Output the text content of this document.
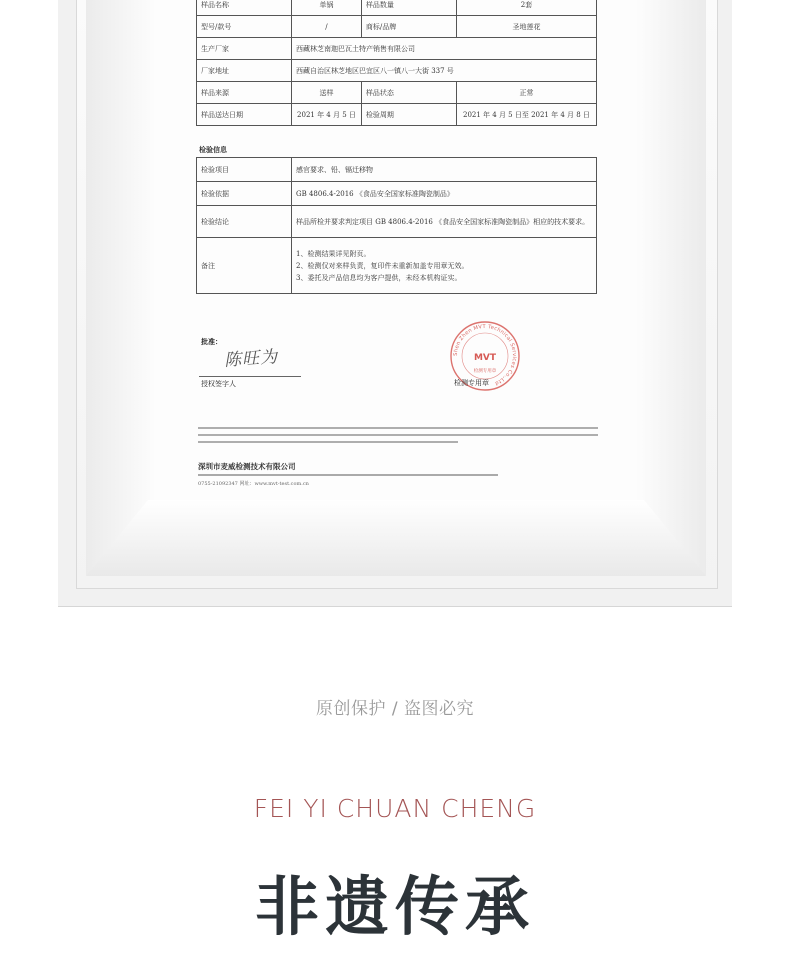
样品名称	单锅	样品数量	2套
型号/款号	/	商标/品牌	圣地莲花
生产厂家	西藏林芝南迦巴瓦土特产销售有限公司		
厂家地址	西藏自治区林芝地区巴宜区八一镇八一大街 337 号		
样品来源	送样	样品状态	正常
样品送达日期	2021 年 4 月 5 日	检验周期	2021 年 4 月 5 日至 2021 年 4 月 8 日
检验信息
检验项目	感官要求、铅、镉迁移物
检验依据	GB 4806.4-2016 《食品安全国家标准陶瓷制品》
检验结论	样品所检并要求判定项目 GB 4806.4-2016 《食品安全国家标准陶瓷制品》相应的技术要求。
备注	1、检测结果详见附页。
2、检测仅对来样负责，复印件未重新加盖专用章无效。
3、委托及产品信息均为客户提供，未经本机构证实。
批准：
陈旺为
授权签字人
Shen Zhen MVT Technical Services Co.,Ltd
MVT
检测专用章
检测专用章
深圳市麦威检测技术有限公司
0755-21092347 网址：www.mvt-test.com.cn
原创保护 / 盗图必究
FEI YI CHUAN CHENG
非遗传承
